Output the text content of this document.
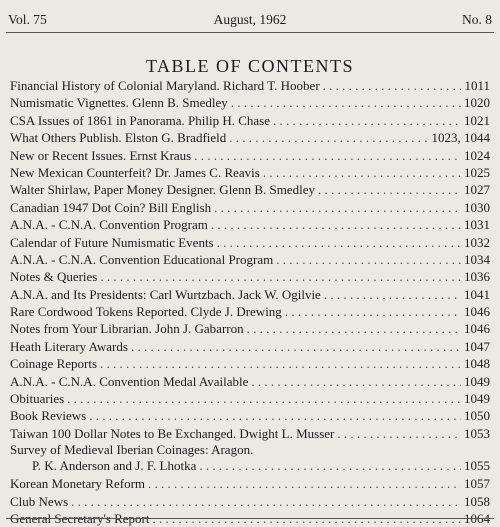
Vol. 75	August, 1962	No. 8
TABLE OF CONTENTS
Financial History of Colonial Maryland. Richard T. Hoober . . .	1011
Numismatic Vignettes. Glenn B. Smedley . . .	1020
CSA Issues of 1861 in Panorama. Philip H. Chase . . .	1021
What Others Publish. Elston G. Bradfield . . .	1023, 1044
New or Recent Issues. Ernst Kraus . . .	1024
New Mexican Counterfeit? Dr. James C. Reavis . . .	1025
Walter Shirlaw, Paper Money Designer. Glenn B. Smedley . . .	1027
Canadian 1947 Dot Coin? Bill English . . .	1030
A.N.A. - C.N.A. Convention Program . . .	1031
Calendar of Future Numismatic Events . . .	1032
A.N.A. - C.N.A. Convention Educational Program . . .	1034
Notes & Queries . . .	1036
A.N.A. and Its Presidents: Carl Wurtzbach. Jack W. Ogilvie . . .	1041
Rare Cordwood Tokens Reported. Clyde J. Drewing . . .	1046
Notes from Your Librarian. John J. Gabarron . . .	1046
Heath Literary Awards . . .	1047
Coinage Reports . . .	1048
A.N.A. - C.N.A. Convention Medal Available . . .	1049
Obituaries . . .	1049
Book Reviews . . .	1050
Taiwan 100 Dollar Notes to Be Exchanged. Dwight L. Musser . . .	1053
Survey of Medieval Iberian Coinages: Aragon.
P. K. Anderson and J. F. Lhotka . . .	1055
Korean Monetary Reform . . .	1057
Club News . . .	1058
General Secretary's Report . . .	1064
